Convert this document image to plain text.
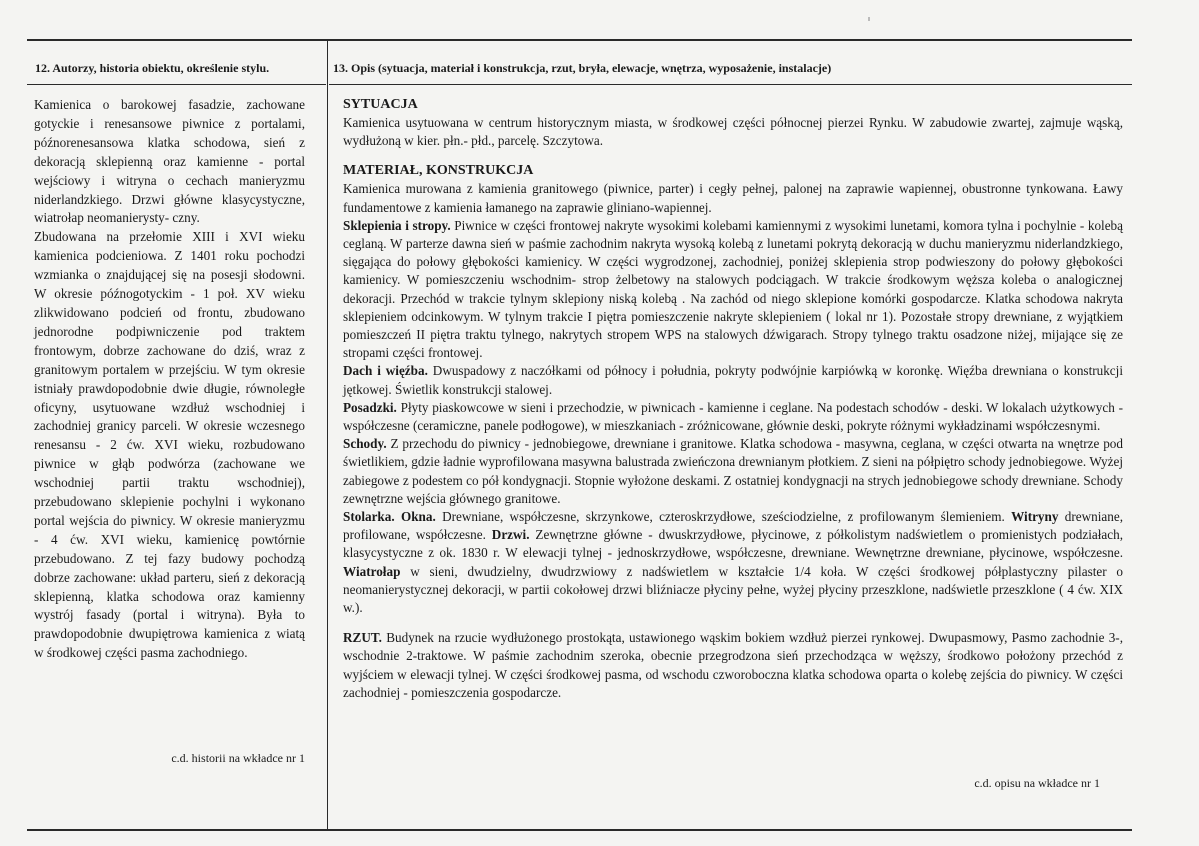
12. Autorzy, historia obiektu, określenie stylu.	13. Opis (sytuacja, materiał i konstrukcja, rzut, bryła, elewacje, wnętrza, wyposażenie, instalacje)

Kamienica o barokowej fasadzie, zachowane gotyckie i renesansowe piwnice z portalami, późnorenesansowa klatka schodowa, sień z dekoracją sklepienną oraz kamienne - portal wejściowy i witryna o cechach manieryzmu niderlandzkiego. Drzwi główne klasycystyczne, wiatrołap neomanierysty- czny.

Zbudowana na przełomie XIII i XVI wieku kamienica podcieniowa. Z 1401 roku pochodzi wzmianka o znajdującej się na posesji słodowni. W okresie późnogotyckim - 1 poł. XV wieku zlikwidowano podcień od frontu, zbudowano jednorodne podpiwniczenie pod traktem frontowym, dobrze zachowane do dziś, wraz z granitowym portalem w przejściu. W tym okresie istniały prawdopodobnie dwie długie, równoległe oficyny, usytuowane wzdłuż wschodniej i zachodniej granicy parceli. W okresie wczesnego renesansu - 2 ćw. XVI wieku, rozbudowano piwnice w głąb podwórza (zachowane we wschodniej partii traktu wschodniej), przebudowano sklepienie pochylni i wykonano portal wejścia do piwnicy. W okresie manieryzmu - 4 ćw. XVI wieku, kamienicę powtórnie przebudowano. Z tej fazy budowy pochodzą dobrze zachowane: układ parteru, sień z dekoracją sklepienną, klatka schodowa oraz kamienny wystrój fasady (portal i witryna). Była to prawdopodobnie dwupiętrowa kamienica z wiatą w środkowej części pasma zachodniego.

c.d. historii na wkładce nr 1

SYTUACJA

Kamienica usytuowana w centrum historycznym miasta, w środkowej części północnej pierzei Rynku. W zabudowie zwartej, zajmuje wąską, wydłużoną w kier. płn.- płd., parcelę. Szczytowa.

MATERIAŁ, KONSTRUKCJA

Kamienica murowana z kamienia granitowego (piwnice, parter) i cegły pełnej, palonej na zaprawie wapiennej, obustronne tynkowana. Ławy fundamentowe z kamienia łamanego na zaprawie gliniano-wapiennej.

Sklepienia i stropy. Piwnice w części frontowej nakryte wysokimi kolebami kamiennymi z wysokimi lunetami, komora tylna i pochylnie - kolebą ceglaną. W parterze dawna sień w paśmie zachodnim nakryta wysoką kolebą z lunetami pokrytą dekoracją w duchu manieryzmu niderlandzkiego, sięgająca do połowy głębokości kamienicy. W części wygrodzonej, zachodniej, poniżej sklepienia strop podwieszony do połowy głębokości kamienicy. W pomieszczeniu wschodnim- strop żelbetowy na stalowych podciągach. W trakcie środkowym węższa koleba o analogicznej dekoracji. Przechód w trakcie tylnym sklepiony niską kolebą . Na zachód od niego sklepione komórki gospodarcze. Klatka schodowa nakryta sklepieniem odcinkowym. W tylnym trakcie I piętra pomieszczenie nakryte sklepieniem ( lokal nr 1). Pozostałe stropy drewniane, z wyjątkiem pomieszczeń II piętra traktu tylnego, nakrytych stropem WPS na stalowych dźwigarach. Stropy tylnego traktu osadzone niżej, mijające się ze stropami części frontowej.

Dach i więźba. Dwuspadowy z naczółkami od północy i południa, pokryty podwójnie karpiówką w koronkę. Więźba drewniana o konstrukcji jętkowej. Świetlik konstrukcji stalowej.

Posadzki. Płyty piaskowcowe w sieni i przechodzie, w piwnicach - kamienne i ceglane. Na podestach schodów - deski. W lokalach użytkowych - współczesne (ceramiczne, panele podłogowe), w mieszkaniach - zróżnicowane, głównie deski, pokryte różnymi wykładzinami współczesnymi.

Schody. Z przechodu do piwnicy - jednobiegowe, drewniane i granitowe. Klatka schodowa - masywna, ceglana, w części otwarta na wnętrze pod świetlikiem, gdzie ładnie wyprofilowana masywna balustrada zwieńczona drewnianym płotkiem. Z sieni na półpiętro schody jednobiegowe. Wyżej zabiegowe z podestem co pół kondygnacji. Stopnie wyłożone deskami. Z ostatniej kondygnacji na strych jednobiegowe schody drewniane. Schody zewnętrzne wejścia głównego granitowe.

Stolarka. Okna. Drewniane, współczesne, skrzynkowe, czteroskrzydłowe, sześciodzielne, z profilowanym ślemieniem. Witryny drewniane, profilowane, współczesne. Drzwi. Zewnętrzne główne - dwuskrzydłowe, płycinowe, z półkolistym nadświetlem o promienistych podziałach, klasycystyczne z ok. 1830 r. W elewacji tylnej - jednoskrzydłowe, współczesne, drewniane. Wewnętrzne drewniane, płycinowe, współczesne. Wiatrołap w sieni, dwudzielny, dwudrzwiowy z nadświetlem w kształcie 1/4 koła. W części środkowej półplastyczny pilaster o neomanierystycznej dekoracji, w partii cokołowej drzwi bliźniacze płyciny pełne, wyżej płyciny przeszklone, nadświetle przeszklone ( 4 ćw. XIX w.).

RZUT. Budynek na rzucie wydłużonego prostokąta, ustawionego wąskim bokiem wzdłuż pierzei rynkowej. Dwupasmowy, Pasmo zachodnie 3-, wschodnie 2-traktowe. W paśmie zachodnim szeroka, obecnie przegrodzona sień przechodząca w węższy, środkowo położony przechód z wyjściem w elewacji tylnej. W części środkowej pasma, od wschodu czworoboczna klatka schodowa oparta o kolebę zejścia do piwnicy. W części zachodniej - pomieszczenia gospodarcze.

c.d. opisu na wkładce nr 1
